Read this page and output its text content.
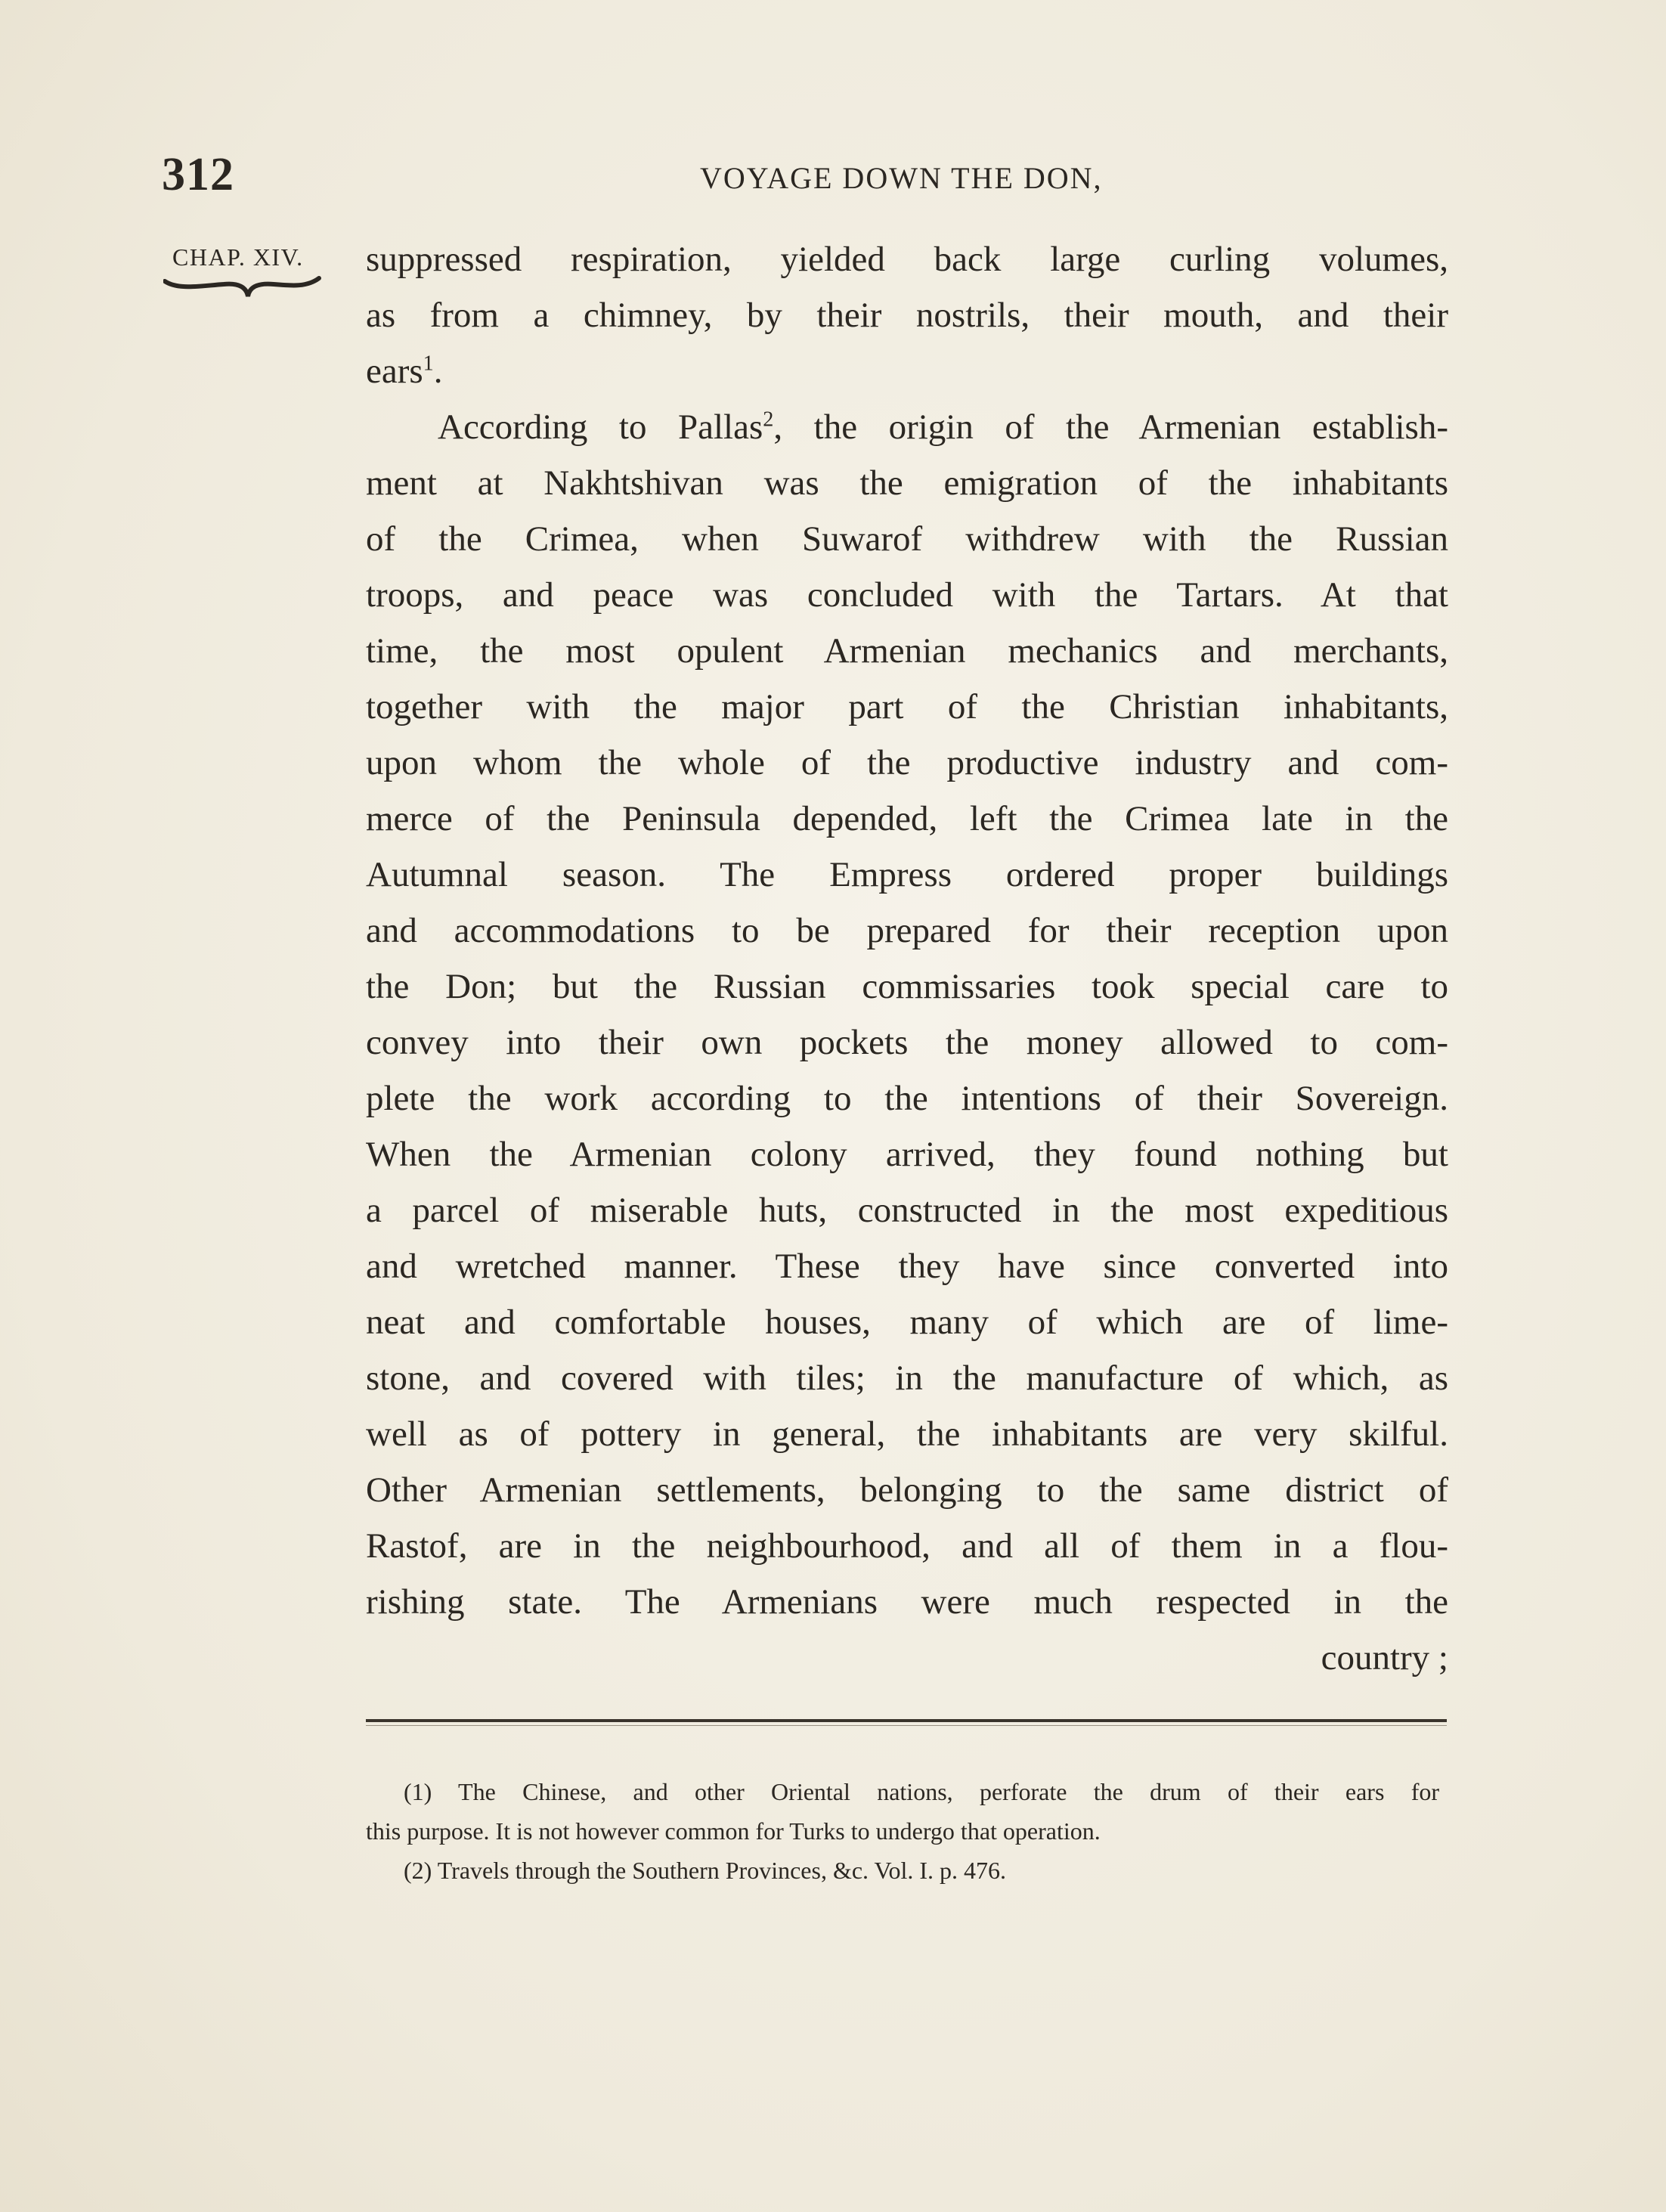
312	VOYAGE DOWN THE DON,
CHAP. XIV. suppressed respiration, yielded back large curling volumes,
as from a chimney, by their nostrils, their mouth, and their
ears$^1$.
According to Pallas$^2$, the origin of the Armenian establish-
ment at Nakhtshivan was the emigration of the inhabitants
of the Crimea, when Suwarof withdrew with the Russian
troops, and peace was concluded with the Tartars. At that
time, the most opulent Armenian mechanics and merchants,
together with the major part of the Christian inhabitants,
upon whom the whole of the productive industry and com-
merce of the Peninsula depended, left the Crimea late in the
Autumnal season. The Empress ordered proper buildings
and accommodations to be prepared for their reception upon
the Don; but the Russian commissaries took special care to
convey into their own pockets the money allowed to com-
plete the work according to the intentions of their Sovereign.
When the Armenian colony arrived, they found nothing but
a parcel of miserable huts, constructed in the most expeditious
and wretched manner. These they have since converted into
neat and comfortable houses, many of which are of lime-
stone, and covered with tiles; in the manufacture of which, as
well as of pottery in general, the inhabitants are very skilful.
Other Armenian settlements, belonging to the same district of
Rastof, are in the neighbourhood, and all of them in a flou-
rishing state. The Armenians were much respected in the
country ;
(1) The Chinese, and other Oriental nations, perforate the drum of their ears for
this purpose. It is not however common for Turks to undergo that operation.
(2) Travels through the Southern Provinces, &c. Vol. I. p. 476.
